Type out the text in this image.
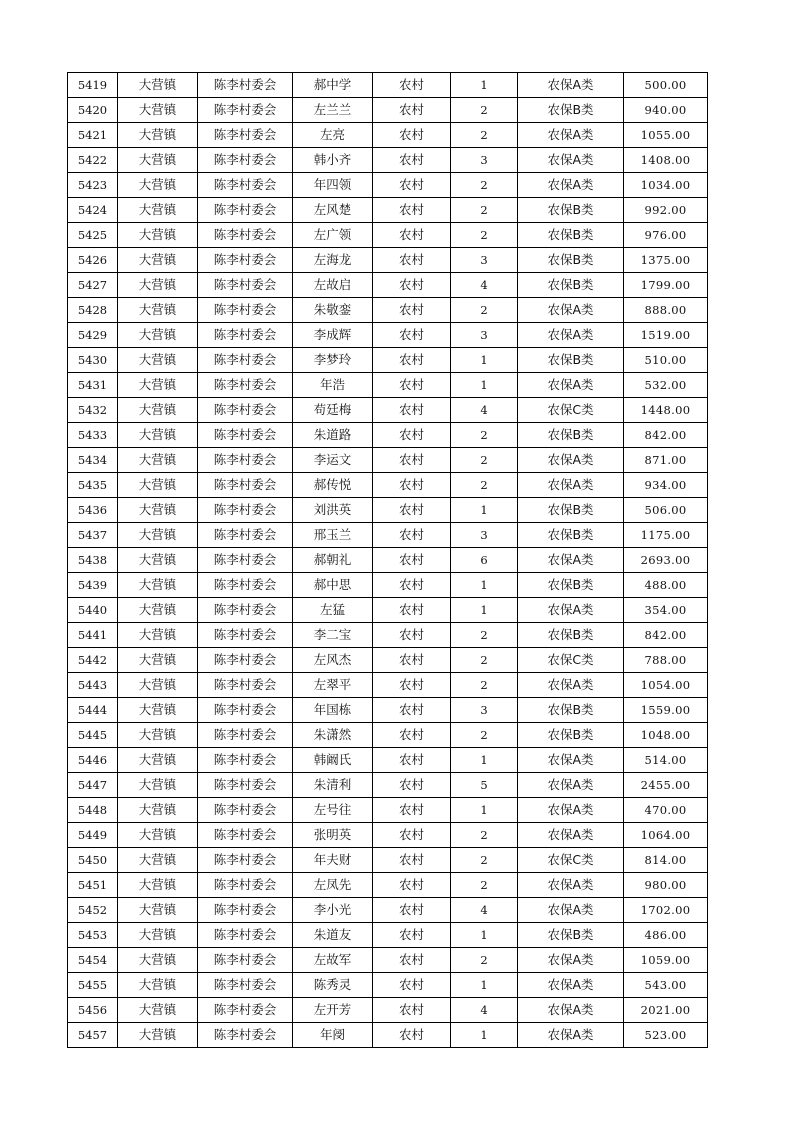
5419	大营镇	陈李村委会	郝中学	农村	1	农保A类	500.00
5420	大营镇	陈李村委会	左兰兰	农村	2	农保B类	940.00
5421	大营镇	陈李村委会	左亮	农村	2	农保A类	1055.00
5422	大营镇	陈李村委会	韩小齐	农村	3	农保A类	1408.00
5423	大营镇	陈李村委会	年四领	农村	2	农保A类	1034.00
5424	大营镇	陈李村委会	左风楚	农村	2	农保B类	992.00
5425	大营镇	陈李村委会	左广领	农村	2	农保B类	976.00
5426	大营镇	陈李村委会	左海龙	农村	3	农保B类	1375.00
5427	大营镇	陈李村委会	左故启	农村	4	农保B类	1799.00
5428	大营镇	陈李村委会	朱敬銮	农村	2	农保A类	888.00
5429	大营镇	陈李村委会	李成辉	农村	3	农保A类	1519.00
5430	大营镇	陈李村委会	李梦玲	农村	1	农保B类	510.00
5431	大营镇	陈李村委会	年浩	农村	1	农保A类	532.00
5432	大营镇	陈李村委会	苟廷梅	农村	4	农保C类	1448.00
5433	大营镇	陈李村委会	朱道路	农村	2	农保B类	842.00
5434	大营镇	陈李村委会	李运文	农村	2	农保A类	871.00
5435	大营镇	陈李村委会	郝传悦	农村	2	农保A类	934.00
5436	大营镇	陈李村委会	刘洪英	农村	1	农保B类	506.00
5437	大营镇	陈李村委会	邢玉兰	农村	3	农保B类	1175.00
5438	大营镇	陈李村委会	郝朝礼	农村	6	农保A类	2693.00
5439	大营镇	陈李村委会	郝中思	农村	1	农保B类	488.00
5440	大营镇	陈李村委会	左猛	农村	1	农保A类	354.00
5441	大营镇	陈李村委会	李二宝	农村	2	农保B类	842.00
5442	大营镇	陈李村委会	左风杰	农村	2	农保C类	788.00
5443	大营镇	陈李村委会	左翠平	农村	2	农保A类	1054.00
5444	大营镇	陈李村委会	年国栋	农村	3	农保B类	1559.00
5445	大营镇	陈李村委会	朱潇然	农村	2	农保B类	1048.00
5446	大营镇	陈李村委会	韩阚氏	农村	1	农保A类	514.00
5447	大营镇	陈李村委会	朱清利	农村	5	农保A类	2455.00
5448	大营镇	陈李村委会	左号往	农村	1	农保A类	470.00
5449	大营镇	陈李村委会	张明英	农村	2	农保A类	1064.00
5450	大营镇	陈李村委会	年夫财	农村	2	农保C类	814.00
5451	大营镇	陈李村委会	左凤先	农村	2	农保A类	980.00
5452	大营镇	陈李村委会	李小光	农村	4	农保A类	1702.00
5453	大营镇	陈李村委会	朱道友	农村	1	农保B类	486.00
5454	大营镇	陈李村委会	左故军	农村	2	农保A类	1059.00
5455	大营镇	陈李村委会	陈秀灵	农村	1	农保A类	543.00
5456	大营镇	陈李村委会	左开芳	农村	4	农保A类	2021.00
5457	大营镇	陈李村委会	年阌	农村	1	农保A类	523.00
